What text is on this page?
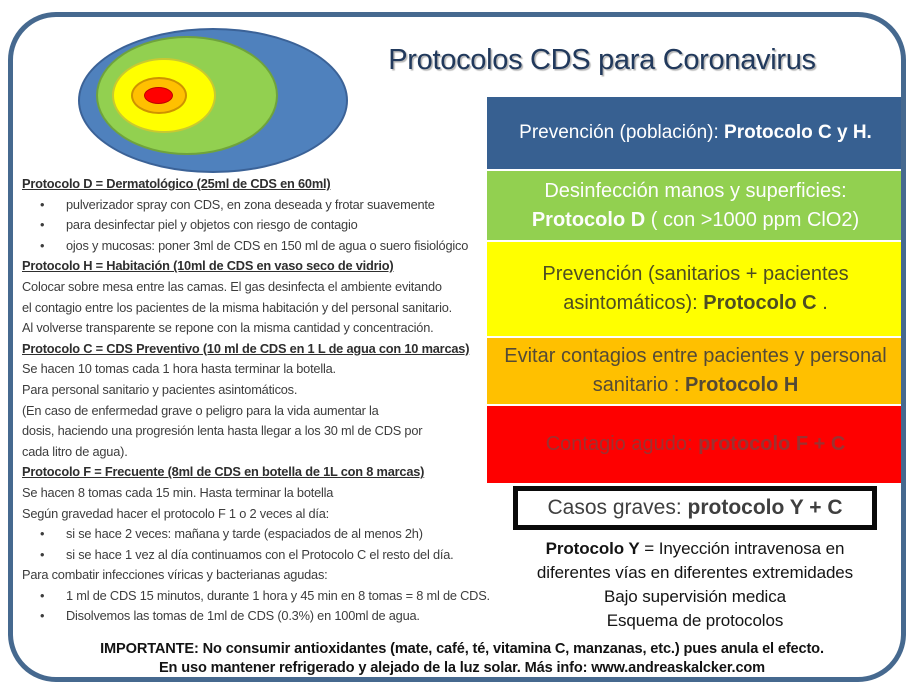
Protocolo D = Dermatológico (25ml de CDS en 60ml)
• pulverizador spray con CDS, en zona deseada y frotar suavemente
• para desinfectar piel y objetos con riesgo de contagio
• ojos y mucosas: poner 3ml de CDS en 150 ml de agua o suero fisiológico
Protocolo H = Habitación (10ml de CDS en vaso seco de vidrio)
Colocar sobre mesa entre las camas. El gas desinfecta el ambiente evitando
el contagio entre los pacientes de la misma habitación y del personal sanitario.
Al volverse transparente se repone con la misma cantidad y concentración.
Protocolo C = CDS Preventivo (10 ml de CDS en 1 L de agua con 10 marcas)
Se hacen 10 tomas cada 1 hora hasta terminar la botella.
Para personal sanitario y pacientes asintomáticos.
(En caso de enfermedad grave o peligro para la vida aumentar la
dosis, haciendo una progresión lenta hasta llegar a los 30 ml de CDS por
cada litro de agua).
Protocolo F = Frecuente (8ml de CDS en botella de 1L con 8 marcas)
Se hacen 8 tomas cada 15 min. Hasta terminar la botella
Según gravedad hacer el protocolo F 1 o 2 veces al día:
• si se hace 2 veces: mañana y tarde (espaciados de al menos 2h)
• si se hace 1 vez al día continuamos con el Protocolo C el resto del día.
Para combatir infecciones víricas y bacterianas agudas:
• 1 ml de CDS 15 minutos, durante 1 hora y 45 min en 8 tomas = 8 ml de CDS.
• Disolvemos las tomas de 1ml de CDS (0.3%) en 100ml de agua.
Prevención (población): Protocolo C y H.
Desinfección manos y superficies:
Protocolo D ( con >1000 ppm ClO2)
Prevención (sanitarios + pacientes asintomáticos): Protocolo C .
Evitar contagios entre pacientes y personal sanitario : Protocolo H
Contagio agudo: protocolo F + C
Casos graves: protocolo Y + C
Protocolo Y = Inyección intravenosa en
diferentes vías en diferentes extremidades
Bajo supervisión medica
Esquema de protocolos
Protocolos CDS para Coronavirus
IMPORTANTE: No consumir antioxidantes (mate, café, té, vitamina C, manzanas, etc.) pues anula el efecto.
En uso mantener refrigerado y alejado de la luz solar. Más info: www.andreaskalcker.com
